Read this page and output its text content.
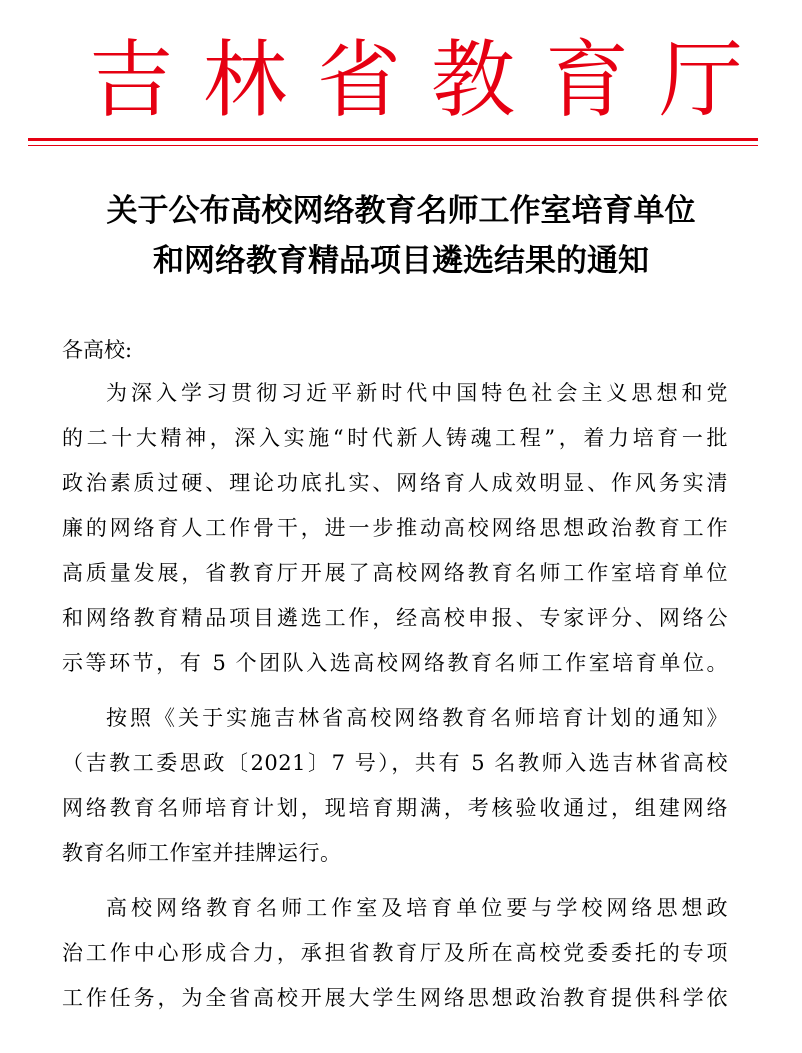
吉林省教育厅
关于公布高校网络教育名师工作室培育单位
和网络教育精品项目遴选结果的通知
各高校:
为深入学习贯彻习近平新时代中国特色社会主义思想和党
的二十大精神，深入实施“时代新人铸魂工程”，着力培育一批
政治素质过硬、理论功底扎实、网络育人成效明显、作风务实清
廉的网络育人工作骨干，进一步推动高校网络思想政治教育工作
高质量发展，省教育厅开展了高校网络教育名师工作室培育单位
和网络教育精品项目遴选工作，经高校申报、专家评分、网络公
示等环节，有 5 个团队入选高校网络教育名师工作室培育单位。
按照《关于实施吉林省高校网络教育名师培育计划的通知》
（吉教工委思政〔2021〕7 号），共有 5 名教师入选吉林省高校
网络教育名师培育计划，现培育期满，考核验收通过，组建网络
教育名师工作室并挂牌运行。
高校网络教育名师工作室及培育单位要与学校网络思想政
治工作中心形成合力，承担省教育厅及所在高校党委委托的专项
工作任务，为全省高校开展大学生网络思想政治教育提供科学依
